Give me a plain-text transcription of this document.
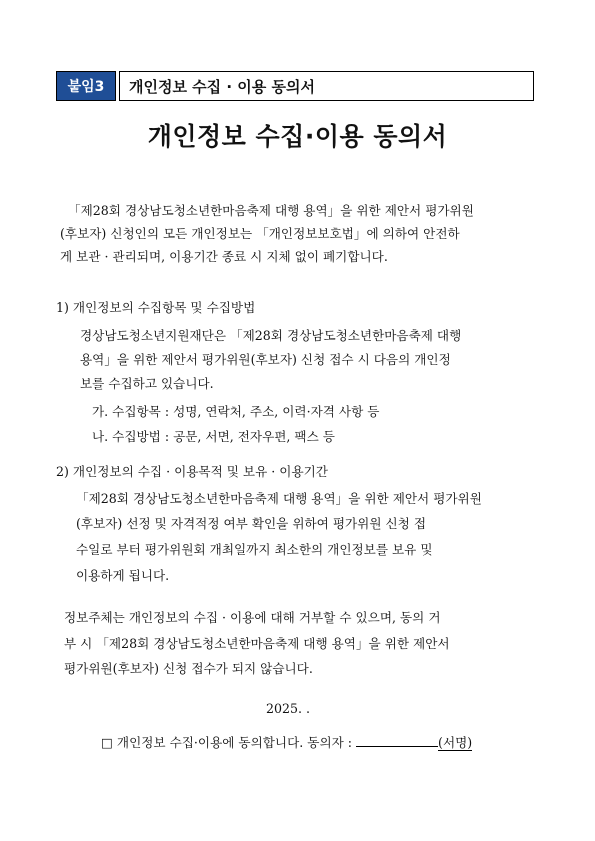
붙임3	개인정보 수집 · 이용 동의서
개인정보 수집·이용 동의서
「제28회 경상남도청소년한마음축제 대행 용역」을 위한 제안서 평가위원
(후보자) 신청인의 모든 개인정보는 「개인정보보호법」에 의하여 안전하
게 보관 · 관리되며, 이용기간 종료 시 지체 없이 폐기합니다.
1) 개인정보의 수집항목 및 수집방법
경상남도청소년지원재단은 「제28회 경상남도청소년한마음축제 대행
용역」을 위한 제안서 평가위원(후보자) 신청 접수 시 다음의 개인정
보를 수집하고 있습니다.
가. 수집항목 : 성명, 연락처, 주소, 이력·자격 사항 등
나. 수집방법 : 공문, 서면, 전자우편, 팩스 등
2) 개인정보의 수집 · 이용목적 및 보유 · 이용기간
「제28회 경상남도청소년한마음축제 대행 용역」을 위한 제안서 평가위원
(후보자) 선정 및 자격적정 여부 확인을 위하여 평가위원 신청 접
수일로 부터 평가위원회 개최일까지 최소한의 개인정보를 보유 및
이용하게 됩니다.
정보주체는 개인정보의 수집 · 이용에 대해 거부할 수 있으며, 동의 거
부 시 「제28회 경상남도청소년한마음축제 대행 용역」을 위한 제안서
평가위원(후보자) 신청 접수가 되지 않습니다.
2025. .
□ 개인정보 수집·이용에 동의합니다. 동의자 :	(서명)
